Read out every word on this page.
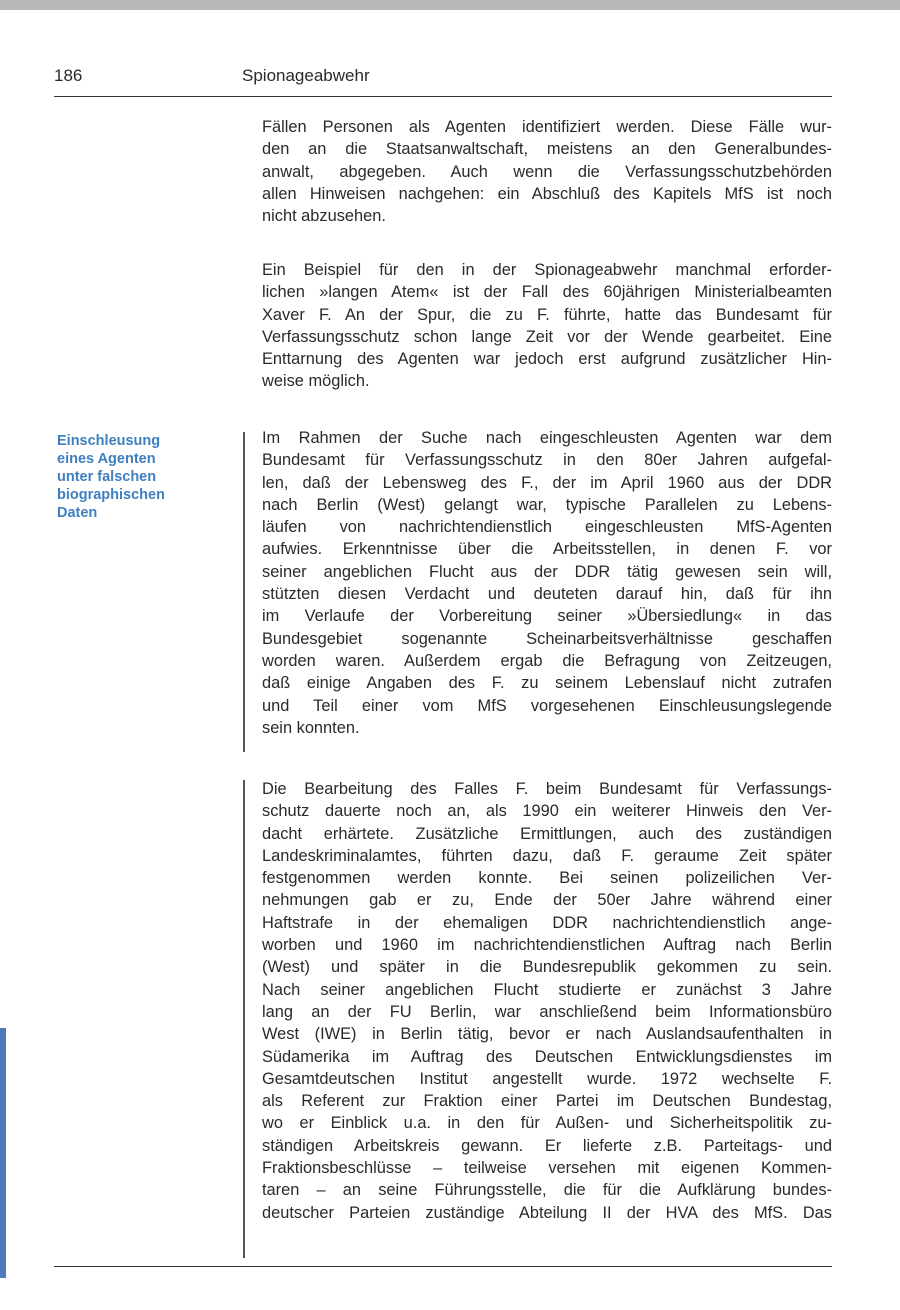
186	Spionageabwehr
Einschleusung
eines Agenten
unter falschen
biographischen
Daten
Fällen Personen als Agenten identifiziert werden. Diese Fälle wur-
den an die Staatsanwaltschaft, meistens an den Generalbundes-
anwalt, abgegeben. Auch wenn die Verfassungsschutzbehörden
allen Hinweisen nachgehen: ein Abschluß des Kapitels MfS ist noch
nicht abzusehen.
Ein Beispiel für den in der Spionageabwehr manchmal erforder-
lichen »langen Atem« ist der Fall des 60jährigen Ministerialbeamten
Xaver F. An der Spur, die zu F. führte, hatte das Bundesamt für
Verfassungsschutz schon lange Zeit vor der Wende gearbeitet. Eine
Enttarnung des Agenten war jedoch erst aufgrund zusätzlicher Hin-
weise möglich.
Im Rahmen der Suche nach eingeschleusten Agenten war dem
Bundesamt für Verfassungsschutz in den 80er Jahren aufgefal-
len, daß der Lebensweg des F., der im April 1960 aus der DDR
nach Berlin (West) gelangt war, typische Parallelen zu Lebens-
läufen von nachrichtendienstlich eingeschleusten MfS-Agenten
aufwies. Erkenntnisse über die Arbeitsstellen, in denen F. vor
seiner angeblichen Flucht aus der DDR tätig gewesen sein will,
stützten diesen Verdacht und deuteten darauf hin, daß für ihn
im Verlaufe der Vorbereitung seiner »Übersiedlung« in das
Bundesgebiet sogenannte Scheinarbeitsverhältnisse geschaffen
worden waren. Außerdem ergab die Befragung von Zeitzeugen,
daß einige Angaben des F. zu seinem Lebenslauf nicht zutrafen
und Teil einer vom MfS vorgesehenen Einschleusungslegende
sein konnten.
Die Bearbeitung des Falles F. beim Bundesamt für Verfassungs-
schutz dauerte noch an, als 1990 ein weiterer Hinweis den Ver-
dacht erhärtete. Zusätzliche Ermittlungen, auch des zuständigen
Landeskriminalamtes, führten dazu, daß F. geraume Zeit später
festgenommen werden konnte. Bei seinen polizeilichen Ver-
nehmungen gab er zu, Ende der 50er Jahre während einer
Haftstrafe in der ehemaligen DDR nachrichtendienstlich ange-
worben und 1960 im nachrichtendienstlichen Auftrag nach Berlin
(West) und später in die Bundesrepublik gekommen zu sein.
Nach seiner angeblichen Flucht studierte er zunächst 3 Jahre
lang an der FU Berlin, war anschließend beim Informationsbüro
West (IWE) in Berlin tätig, bevor er nach Auslandsaufenthalten in
Südamerika im Auftrag des Deutschen Entwicklungsdienstes im
Gesamtdeutschen Institut angestellt wurde. 1972 wechselte F.
als Referent zur Fraktion einer Partei im Deutschen Bundestag,
wo er Einblick u.a. in den für Außen- und Sicherheitspolitik zu-
ständigen Arbeitskreis gewann. Er lieferte z.B. Parteitags- und
Fraktionsbeschlüsse – teilweise versehen mit eigenen Kommen-
taren – an seine Führungsstelle, die für die Aufklärung bundes-
deutscher Parteien zuständige Abteilung II der HVA des MfS. Das
